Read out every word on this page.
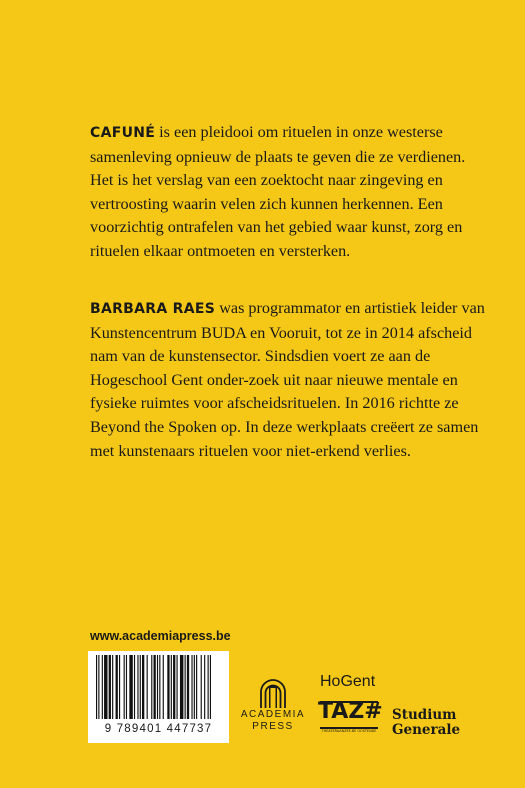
CAFUNÉ is een pleidooi om rituelen in onze westerse samenleving opnieuw de plaats te geven die ze verdienen. Het is het verslag van een zoektocht naar zingeving en vertroosting waarin velen zich kunnen herkennen. Een voorzichtig ontrafelen van het gebied waar kunst, zorg en rituelen elkaar ontmoeten en versterken.

BARBARA RAES was programmator en artistiek leider van Kunstencentrum BUDA en Vooruit, tot ze in 2014 afscheid nam van de kunstensector. Sindsdien voert ze aan de Hogeschool Gent onder-zoek uit naar nieuwe mentale en fysieke ruimtes voor afscheidsrituelen. In 2016 richtte ze Beyond the Spoken op. In deze werkplaats creëert ze samen met kunstenaars rituelen voor niet-erkend verlies.

www.academiapress.be
9 789401 447737
ACADEMIA
PRESS
HoGent
TAZ#
THEATERAANZEE.BE OOSTENDE
Studium
Generale
